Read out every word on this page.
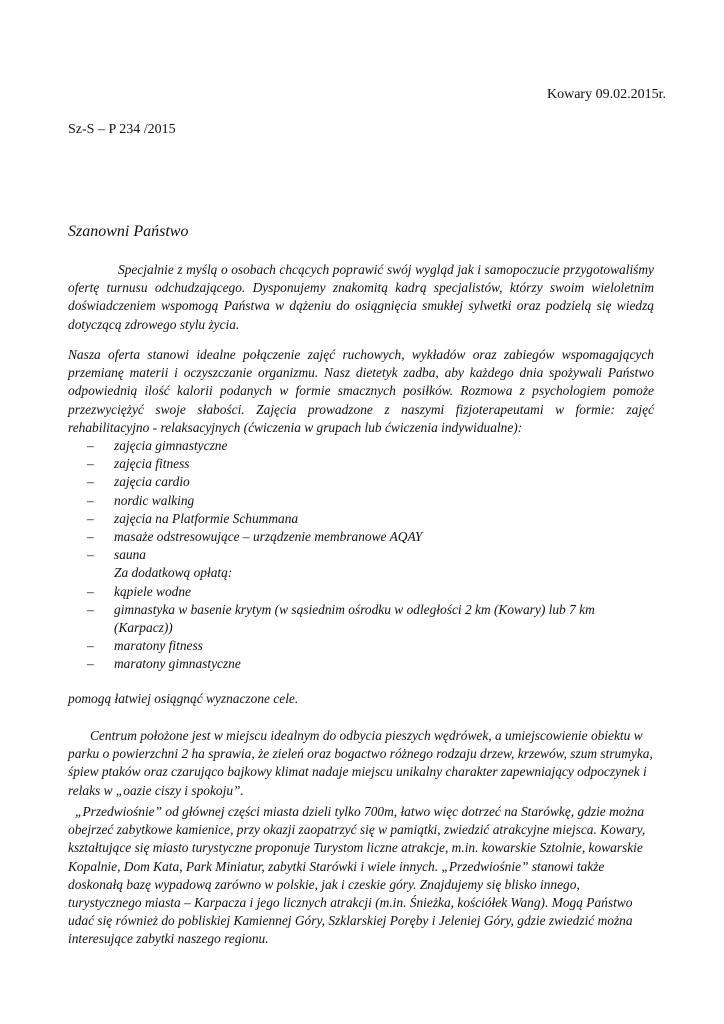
Kowary 09.02.2015r.
Sz-S – P 234 /2015
Szanowni Państwo
Specjalnie z myślą o osobach chcących poprawić swój wygląd jak i samopoczucie przygotowaliśmy ofertę turnusu odchudzającego. Dysponujemy znakomitą kadrą specjalistów, którzy swoim wieloletnim doświadczeniem wspomogą Państwa w dążeniu do osiągnięcia smukłej sylwetki oraz podzielą się wiedzą dotyczącą zdrowego stylu życia.
Nasza oferta stanowi idealne połączenie zajęć ruchowych, wykładów oraz zabiegów wspomagających przemianę materii i oczyszczanie organizmu. Nasz dietetyk zadba, aby każdego dnia spożywali Państwo odpowiednią ilość kalorii podanych w formie smacznych posiłków. Rozmowa z psychologiem pomoże przezwyciężyć swoje słabości. Zajęcia prowadzone z naszymi fizjoterapeutami w formie: zajęć rehabilitacyjno - relaksacyjnych (ćwiczenia w grupach lub ćwiczenia indywidualne):
– zajęcia gimnastyczne
– zajęcia fitness
– zajęcia cardio
– nordic walking
– zajęcia na Platformie Schummana
– masaże odstresowujące – urządzenie membranowe AQAY
– sauna
Za dodatkową opłatą:
– kąpiele wodne
– gimnastyka w basenie krytym (w sąsiednim ośrodku w odległości 2 km (Kowary) lub 7 km (Karpacz))
– maratony fitness
– maratony gimnastyczne
pomogą łatwiej osiągnąć wyznaczone cele.
Centrum położone jest w miejscu idealnym do odbycia pieszych wędrówek, a umiejscowienie obiektu w parku o powierzchni 2 ha sprawia, że zieleń oraz bogactwo różnego rodzaju drzew, krzewów, szum strumyka, śpiew ptaków oraz czarująco bajkowy klimat nadaje miejscu unikalny charakter zapewniający odpoczynek i relaks w „oazie ciszy i spokoju”.
„Przedwiośnie” od głównej części miasta dzieli tylko 700m, łatwo więc dotrzeć na Starówkę, gdzie można obejrzeć zabytkowe kamienice, przy okazji zaopatrzyć się w pamiątki, zwiedzić atrakcyjne miejsca. Kowary, kształtujące się miasto turystyczne proponuje Turystom liczne atrakcje, m.in. kowarskie Sztolnie, kowarskie Kopalnie, Dom Kata, Park Miniatur, zabytki Starówki i wiele innych. „Przedwiośnie” stanowi także doskonałą bazę wypadową zarówno w polskie, jak i czeskie góry. Znajdujemy się blisko innego, turystycznego miasta – Karpacza i jego licznych atrakcji (m.in. Śnieżka, kościółek Wang). Mogą Państwo udać się również do pobliskiej Kamiennej Góry, Szklarskiej Poręby i Jeleniej Góry, gdzie zwiedzić można interesujące zabytki naszego regionu.
